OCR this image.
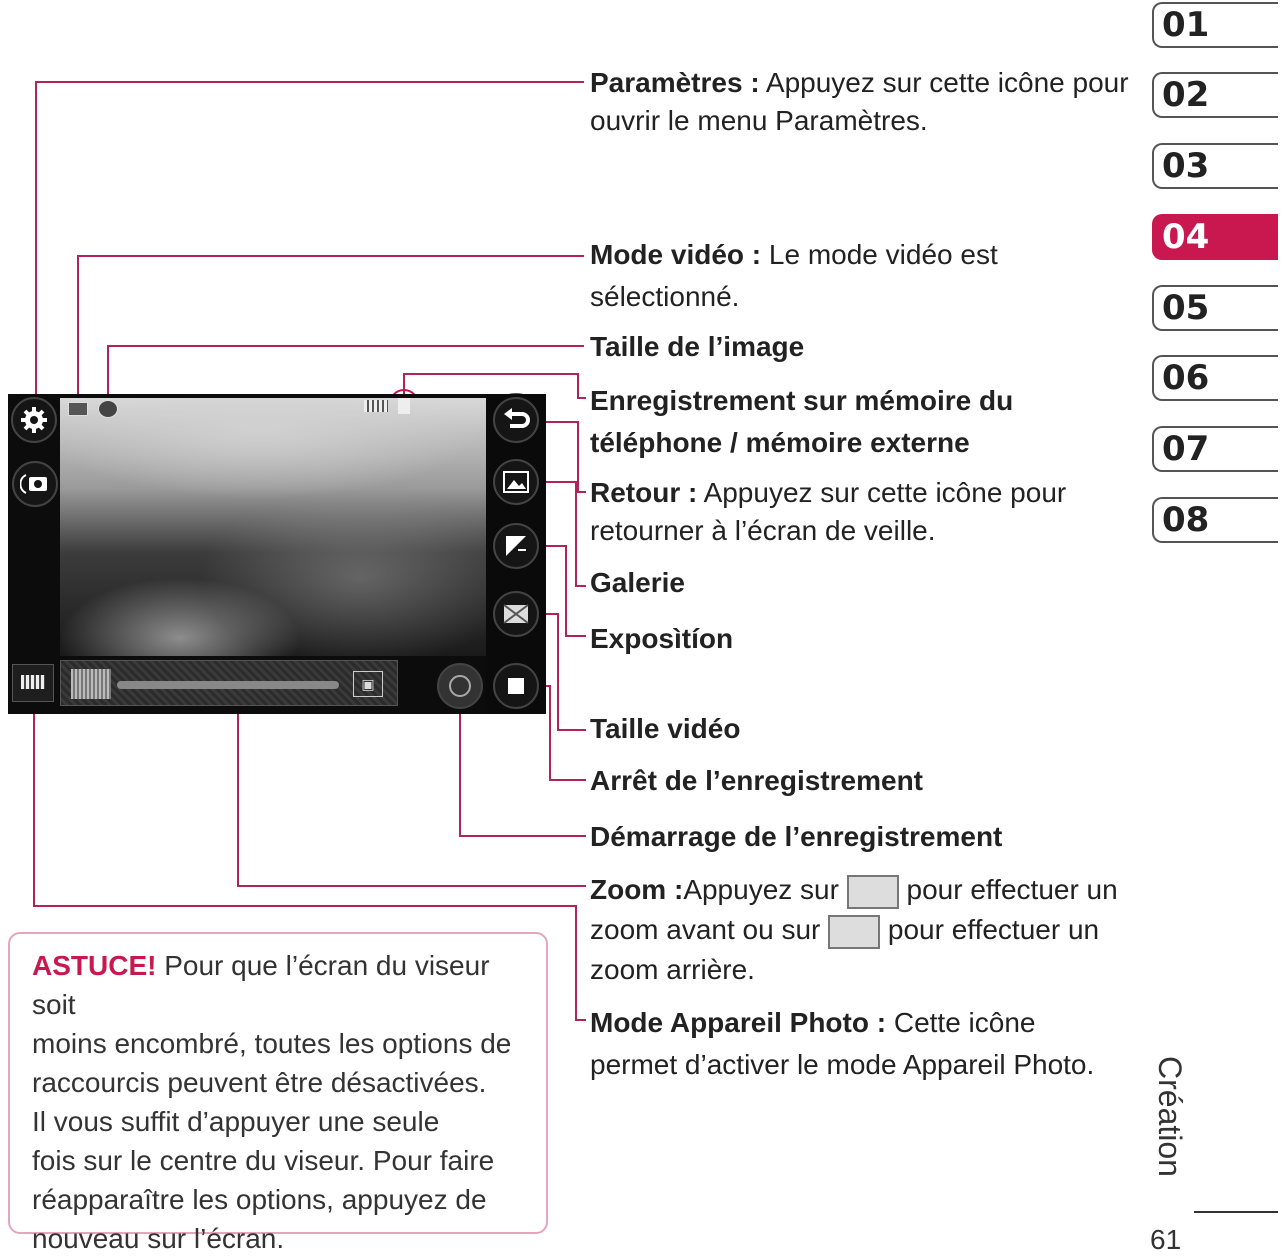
▣
Paramètres : Appuyez sur cette icône pour
ouvrir le menu Paramètres.
Mode vidéo : Le mode vidéo est
sélectionné.
Taille de l’image
Enregistrement sur mémoire du
téléphone / mémoire externe
Retour : Appuyez sur cette icône pour
retourner à l’écran de veille.
Galerie
Exposìtíon
Taille vidéo
Arrêt de l’enregistrement
Démarrage de l’enregistrement
Zoom :Appuyez sur  pour effectuer un
zoom avant ou sur  pour effectuer un
zoom arrière.
Mode Appareil Photo : Cette icône
permet d’activer le mode Appareil Photo.
ASTUCE! Pour que l’écran du viseur soit
moins encombré, toutes les options de
raccourcis peuvent être désactivées.
Il vous suffit d’appuyer une seule
fois sur le centre du viseur. Pour faire
réapparaître les options, appuyez de
nouveau sur l’écran.
01
02
03
04
05
06
07
08
Création
61
